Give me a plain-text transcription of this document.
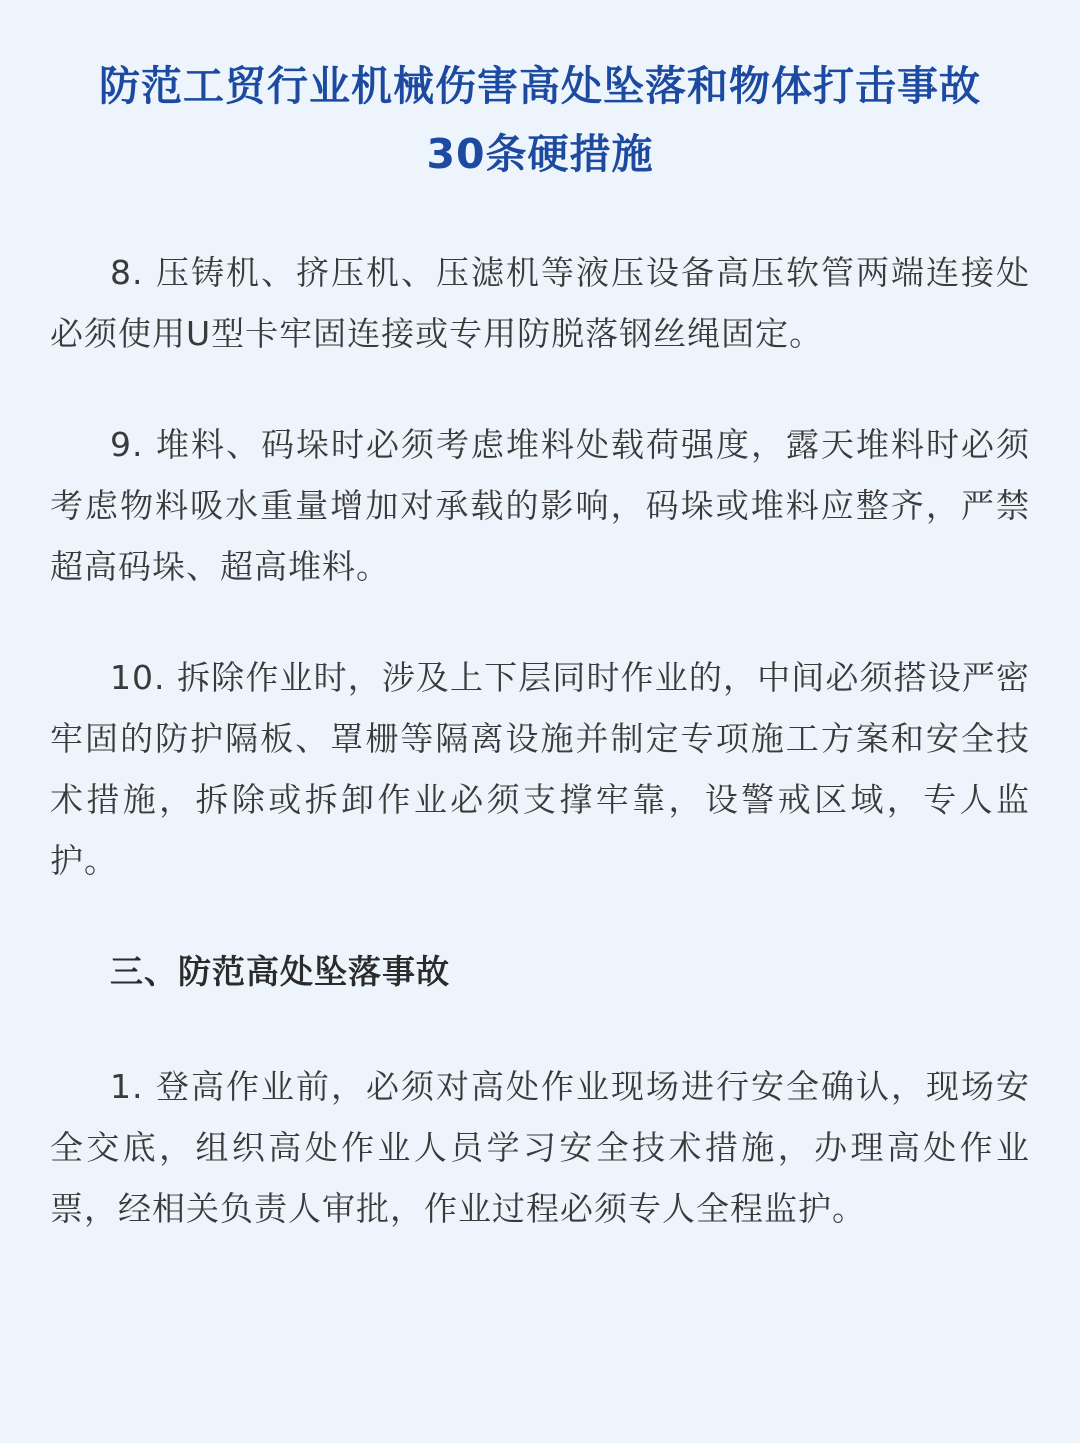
防范工贸行业机械伤害高处坠落和物体打击事故
30条硬措施

8. 压铸机、挤压机、压滤机等液压设备高压软管两端连接处必须使用U型卡牢固连接或专用防脱落钢丝绳固定。

9. 堆料、码垛时必须考虑堆料处载荷强度，露天堆料时必须考虑物料吸水重量增加对承载的影响，码垛或堆料应整齐，严禁超高码垛、超高堆料。

10. 拆除作业时，涉及上下层同时作业的，中间必须搭设严密牢固的防护隔板、罩栅等隔离设施并制定专项施工方案和安全技术措施，拆除或拆卸作业必须支撑牢靠，设警戒区域，专人监护。

三、防范高处坠落事故

1. 登高作业前，必须对高处作业现场进行安全确认，现场安全交底，组织高处作业人员学习安全技术措施，办理高处作业票，经相关负责人审批，作业过程必须专人全程监护。
